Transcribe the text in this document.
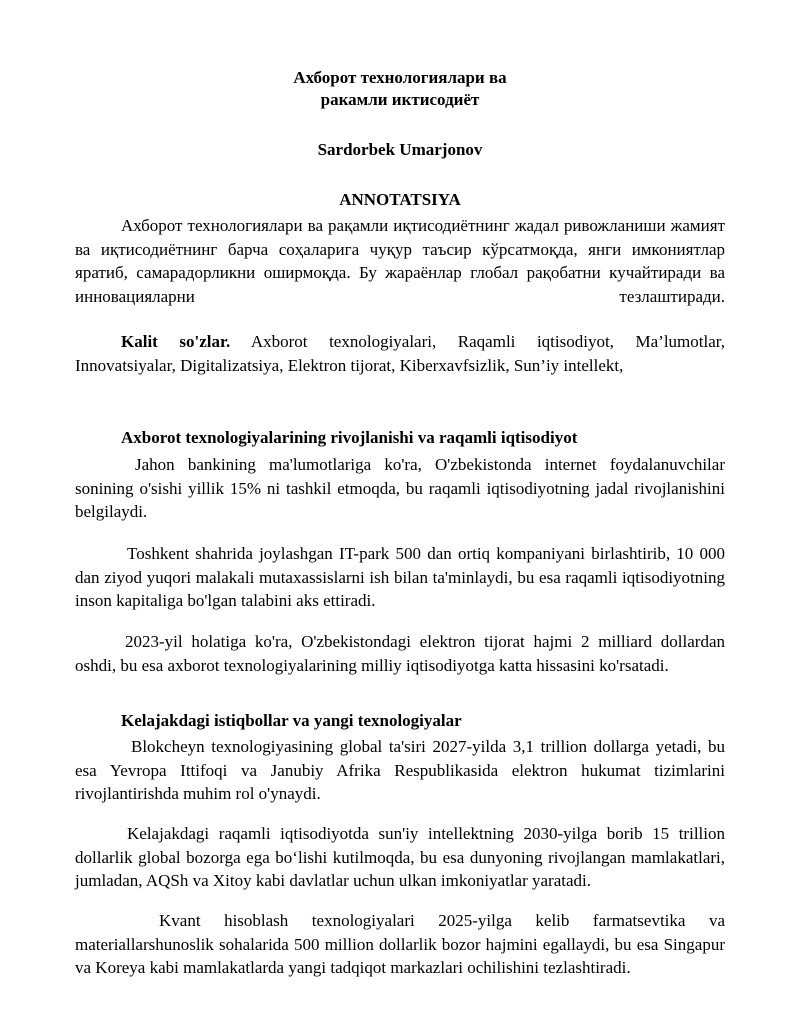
Ахборот технологиялари ва
ракамли иктисодиёт
Sardorbek Umarjonov
ANNOTATSIYA

Ахборот технологиялари ва рақамли иқтисодиётнинг жадал ривожланиши жамият ва иқтисодиётнинг барча соҳаларига чуқур таъсир кўрсатмоқда, янги имкониятлар яратиб, самарадорликни оширмоқда. Бу жараёнлар глобал рақобатни кучайтиради ва инновацияларни тезлаштиради.

Kalit so'zlar. Axborot texnologiyalari, Raqamli iqtisodiyot, Ma’lumotlar, Innovatsiyalar, Digitalizatsiya, Elektron tijorat, Kiberxavfsizlik, Sun’iy intellekt,

Axborot texnologiyalarining rivojlanishi va raqamli iqtisodiyot

Jahon bankining ma'lumotlariga ko'ra, O'zbekistonda internet foydalanuvchilar sonining o'sishi yillik 15% ni tashkil etmoqda, bu raqamli iqtisodiyotning jadal rivojlanishini belgilaydi.

Toshkent shahrida joylashgan IT-park 500 dan ortiq kompaniyani birlashtirib, 10 000 dan ziyod yuqori malakali mutaxassislarni ish bilan ta'minlaydi, bu esa raqamli iqtisodiyotning inson kapitaliga bo'lgan talabini aks ettiradi.

2023-yil holatiga ko'ra, O'zbekistondagi elektron tijorat hajmi 2 milliard dollardan oshdi, bu esa axborot texnologiyalarining milliy iqtisodiyotga katta hissasini ko'rsatadi.

Kelajakdagi istiqbollar va yangi texnologiyalar

Blokcheyn texnologiyasining global ta'siri 2027-yilda 3,1 trillion dollarga yetadi, bu esa Yevropa Ittifoqi va Janubiy Afrika Respublikasida elektron hukumat tizimlarini rivojlantirishda muhim rol o'ynaydi.

Kelajakdagi raqamli iqtisodiyotda sun'iy intellektning 2030-yilga borib 15 trillion dollarlik global bozorga ega bo‘lishi kutilmoqda, bu esa dunyoning rivojlangan mamlakatlari, jumladan, AQSh va Xitoy kabi davlatlar uchun ulkan imkoniyatlar yaratadi.

Kvant hisoblash texnologiyalari 2025-yilga kelib farmatsevtika va materiallarshunoslik sohalarida 500 million dollarlik bozor hajmini egallaydi, bu esa Singapur va Koreya kabi mamlakatlarda yangi tadqiqot markazlari ochilishini tezlashtiradi.
